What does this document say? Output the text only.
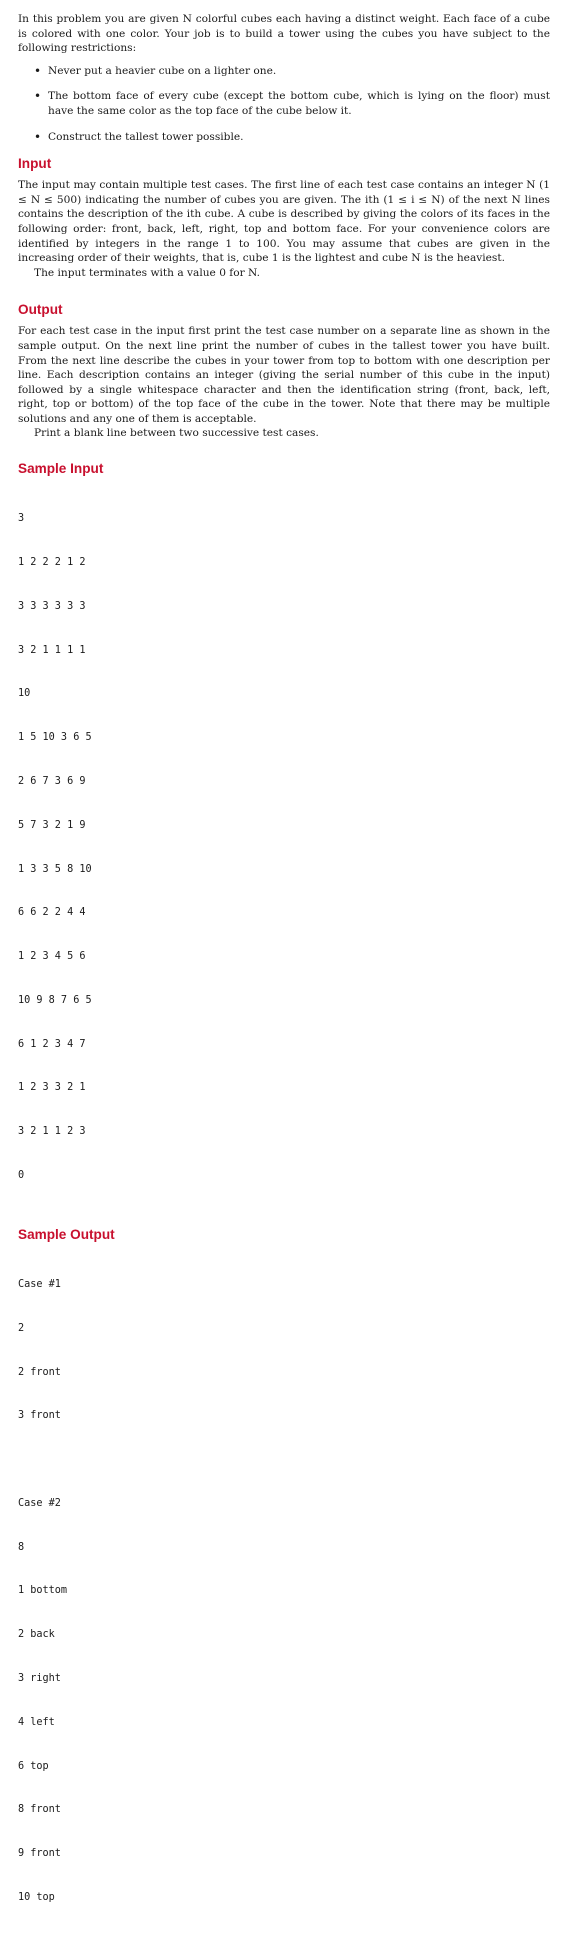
In this problem you are given N colorful cubes each having a distinct weight. Each face of a cube is colored with one color. Your job is to build a tower using the cubes you have subject to the following restrictions:

• Never put a heavier cube on a lighter one.
• The bottom face of every cube (except the bottom cube, which is lying on the floor) must have the same color as the top face of the cube below it.
• Construct the tallest tower possible.
Input

The input may contain multiple test cases. The first line of each test case contains an integer N (1 ≤ N ≤ 500) indicating the number of cubes you are given. The ith (1 ≤ i ≤ N) of the next N lines contains the description of the ith cube. A cube is described by giving the colors of its faces in the following order: front, back, left, right, top and bottom face. For your convenience colors are identified by integers in the range 1 to 100. You may assume that cubes are given in the increasing order of their weights, that is, cube 1 is the lightest and cube N is the heaviest.

The input terminates with a value 0 for N.

Output

For each test case in the input first print the test case number on a separate line as shown in the sample output. On the next line print the number of cubes in the tallest tower you have built. From the next line describe the cubes in your tower from top to bottom with one description per line. Each description contains an integer (giving the serial number of this cube in the input) followed by a single whitespace character and then the identification string (front, back, left, right, top or bottom) of the top face of the cube in the tower. Note that there may be multiple solutions and any one of them is acceptable.

Print a blank line between two successive test cases.

Sample Input

3

1 2 2 2 1 2

3 3 3 3 3 3

3 2 1 1 1 1

10

1 5 10 3 6 5

2 6 7 3 6 9

5 7 3 2 1 9

1 3 3 5 8 10

6 6 2 2 4 4

1 2 3 4 5 6

10 9 8 7 6 5

6 1 2 3 4 7

1 2 3 3 2 1

3 2 1 1 2 3

0

Sample Output

Case #1

2

2 front

3 front

Case #2

8

1 bottom

2 back

3 right

4 left

6 top

8 front

9 front

10 top
